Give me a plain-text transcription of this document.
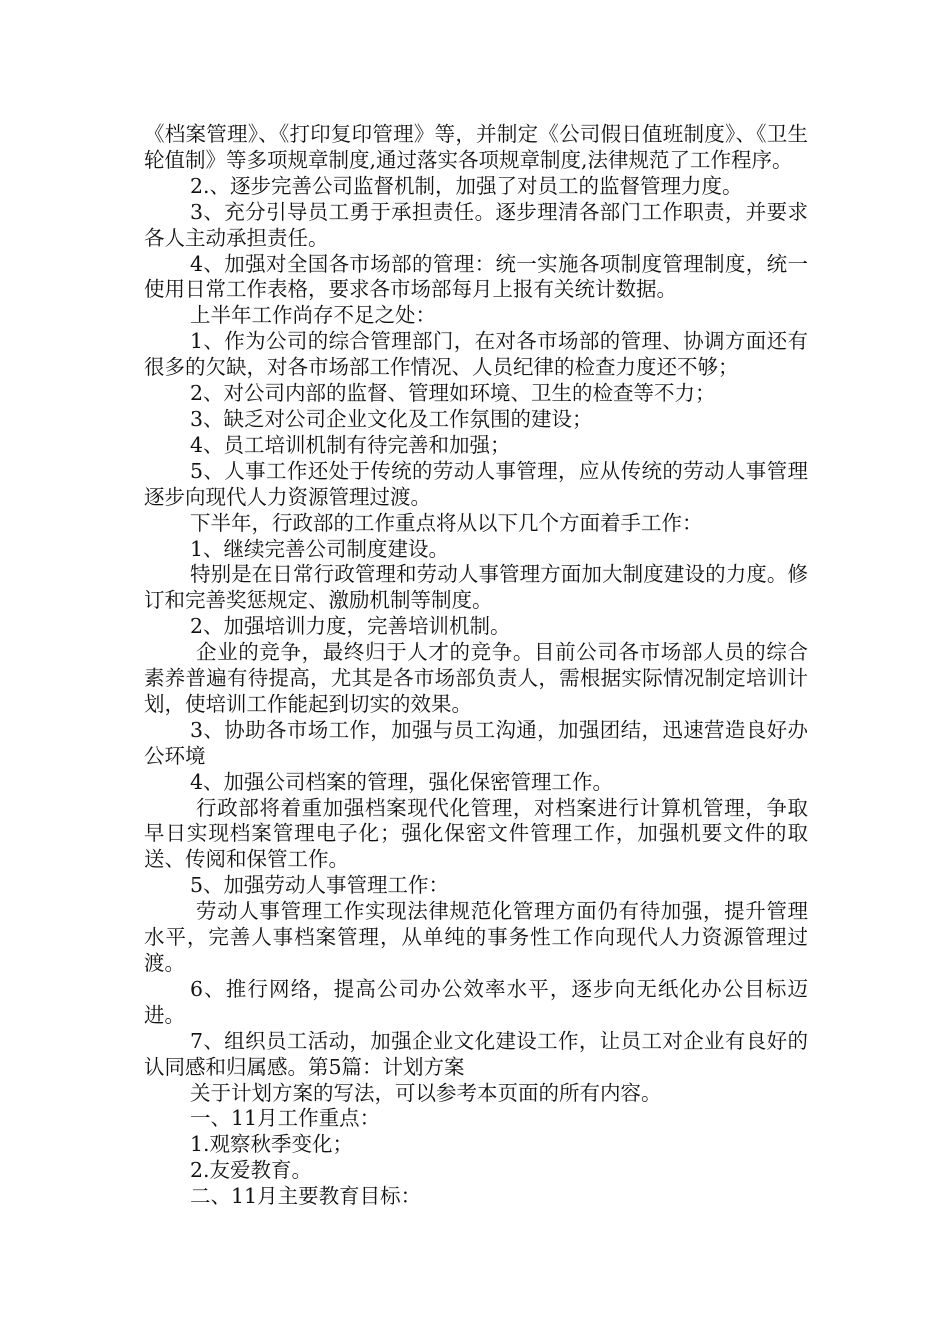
《档案管理》、《打印复印管理》等，并制定《公司假日值班制度》、《卫生轮值制》等多项规章制度,通过落实各项规章制度,法律规范了工作程序。

2.、逐步完善公司监督机制，加强了对员工的监督管理力度。

3、充分引导员工勇于承担责任。逐步理清各部门工作职责，并要求各人主动承担责任。

4、加强对全国各市场部的管理：统一实施各项制度管理制度，统一使用日常工作表格，要求各市场部每月上报有关统计数据。

上半年工作尚存不足之处：

1、作为公司的综合管理部门，在对各市场部的管理、协调方面还有很多的欠缺，对各市场部工作情况、人员纪律的检查力度还不够；

2、对公司内部的监督、管理如环境、卫生的检查等不力；

3、缺乏对公司企业文化及工作氛围的建设；

4、员工培训机制有待完善和加强；

5、人事工作还处于传统的劳动人事管理，应从传统的劳动人事管理逐步向现代人力资源管理过渡。

下半年，行政部的工作重点将从以下几个方面着手工作：

1、继续完善公司制度建设。

特别是在日常行政管理和劳动人事管理方面加大制度建设的力度。修订和完善奖惩规定、激励机制等制度。

2、加强培训力度，完善培训机制。

企业的竞争，最终归于人才的竞争。目前公司各市场部人员的综合素养普遍有待提高，尤其是各市场部负责人，需根据实际情况制定培训计划，使培训工作能起到切实的效果。

3、协助各市场工作，加强与员工沟通，加强团结，迅速营造良好办公环境

4、加强公司档案的管理，强化保密管理工作。

行政部将着重加强档案现代化管理，对档案进行计算机管理，争取早日实现档案管理电子化；强化保密文件管理工作，加强机要文件的取送、传阅和保管工作。

5、加强劳动人事管理工作：

劳动人事管理工作实现法律规范化管理方面仍有待加强，提升管理水平，完善人事档案管理，从单纯的事务性工作向现代人力资源管理过渡。

6、推行网络，提高公司办公效率水平，逐步向无纸化办公目标迈进。

7、组织员工活动，加强企业文化建设工作，让员工对企业有良好的认同感和归属感。第5篇：计划方案

关于计划方案的写法，可以参考本页面的所有内容。

一、11月工作重点：

1.观察秋季变化；

2.友爱教育。

二、11月主要教育目标：
